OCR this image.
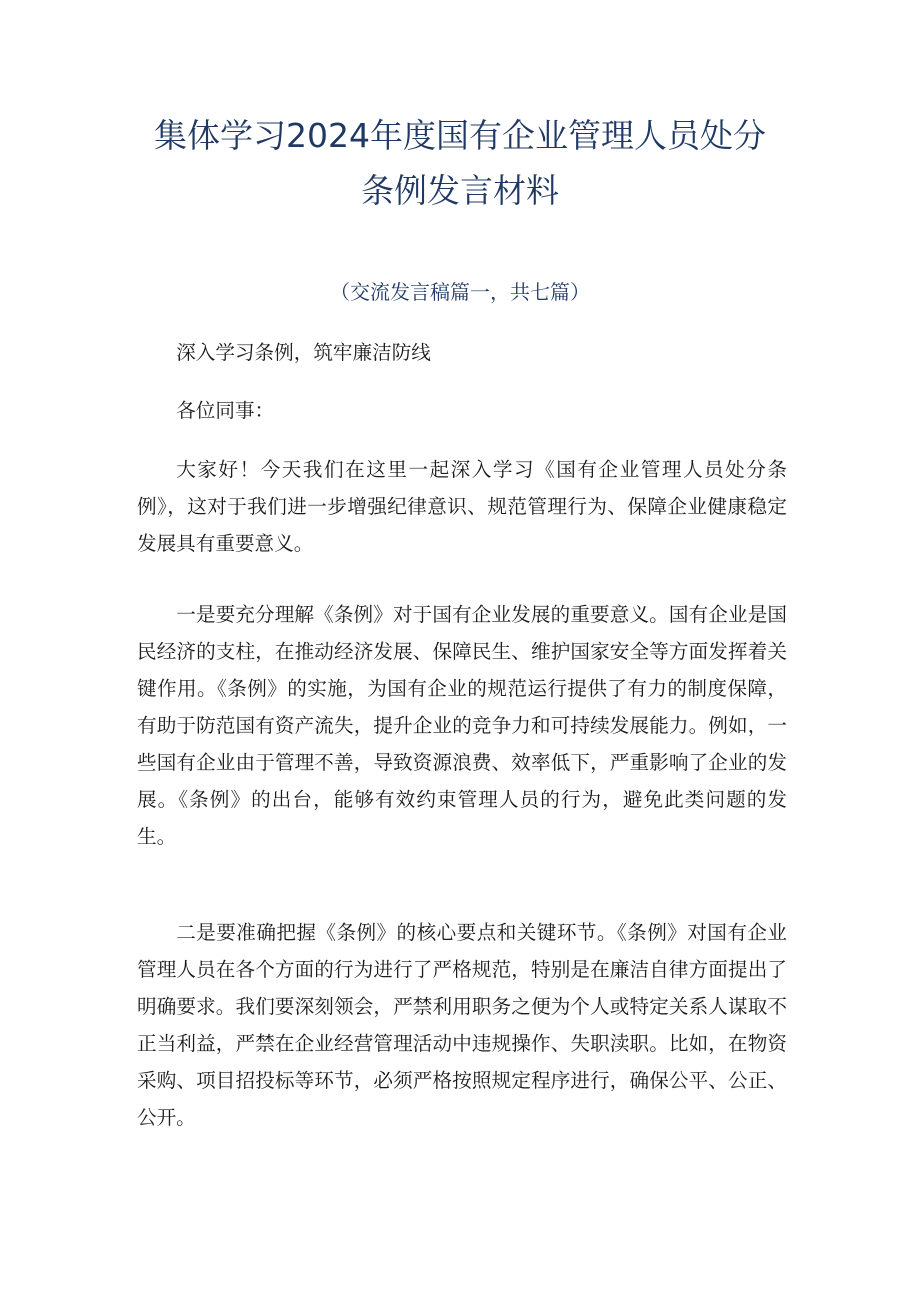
集体学习2024年度国有企业管理人员处分
条例发言材料
（交流发言稿篇一，共七篇）

深入学习条例，筑牢廉洁防线

各位同事：

大家好！今天我们在这里一起深入学习《国有企业管理人员处分条例》，这对于我们进一步增强纪律意识、规范管理行为、保障企业健康稳定发展具有重要意义。

一是要充分理解《条例》对于国有企业发展的重要意义。国有企业是国民经济的支柱，在推动经济发展、保障民生、维护国家安全等方面发挥着关键作用。《条例》的实施，为国有企业的规范运行提供了有力的制度保障，有助于防范国有资产流失，提升企业的竞争力和可持续发展能力。例如，一些国有企业由于管理不善，导致资源浪费、效率低下，严重影响了企业的发展。《条例》的出台，能够有效约束管理人员的行为，避免此类问题的发生。

二是要准确把握《条例》的核心要点和关键环节。《条例》对国有企业管理人员在各个方面的行为进行了严格规范，特别是在廉洁自律方面提出了明确要求。我们要深刻领会，严禁利用职务之便为个人或特定关系人谋取不正当利益，严禁在企业经营管理活动中违规操作、失职渎职。比如，在物资采购、项目招投标等环节，必须严格按照规定程序进行，确保公平、公正、公开。
